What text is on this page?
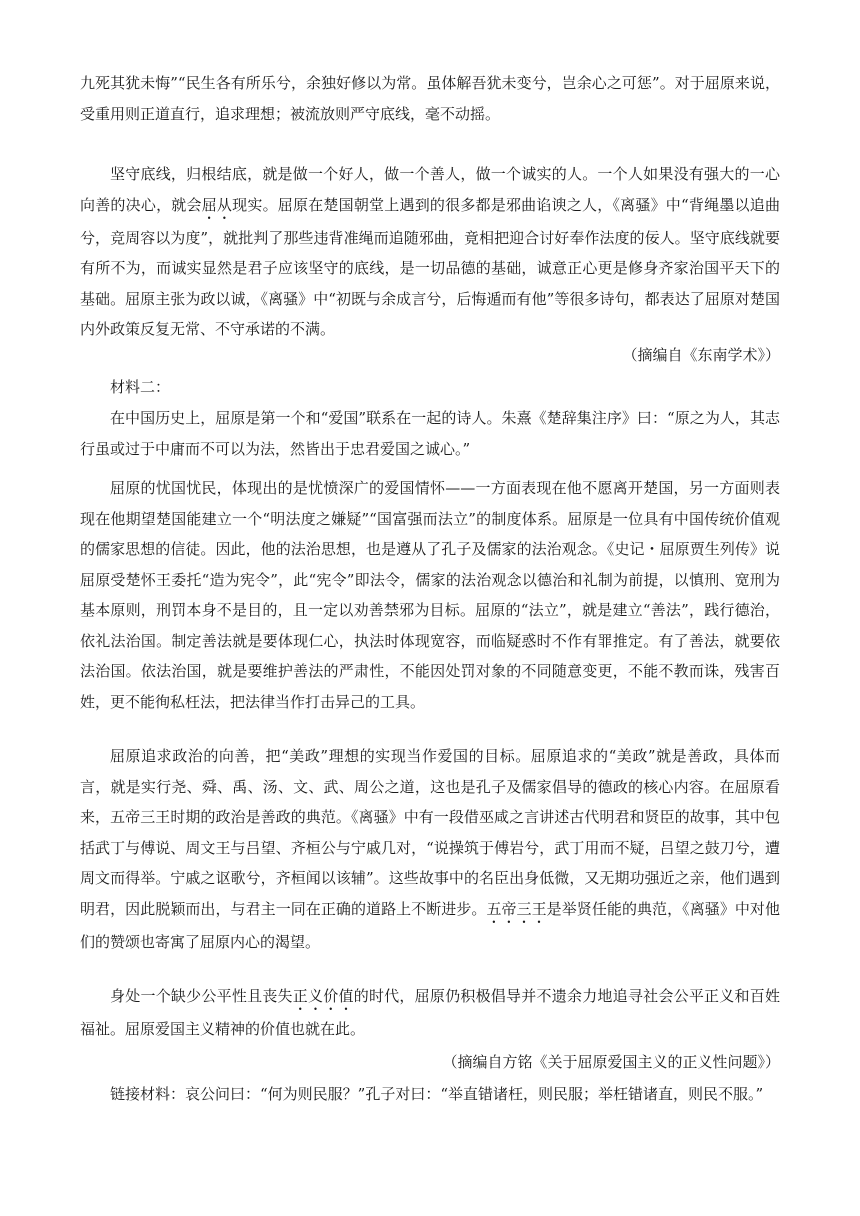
九死其犹未悔”“民生各有所乐兮，余独好修以为常。虽体解吾犹未变兮，岂余心之可惩”。对于屈原来说，受重用则正道直行，追求理想；被流放则严守底线，毫不动摇。

坚守底线，归根结底，就是做一个好人，做一个善人，做一个诚实的人。一个人如果没有强大的一心向善的决心，就会屈从现实。屈原在楚国朝堂上遇到的很多都是邪曲谄谀之人，《离骚》中“背绳墨以追曲兮，竞周容以为度”，就批判了那些违背准绳而追随邪曲，竟相把迎合讨好奉作法度的佞人。坚守底线就要有所不为，而诚实显然是君子应该坚守的底线，是一切品德的基础，诚意正心更是修身齐家治国平天下的基础。屈原主张为政以诚，《离骚》中“初既与余成言兮，后悔遁而有他”等很多诗句，都表达了屈原对楚国内外政策反复无常、不守承诺的不满。

（摘编自《东南学术》）

材料二：

在中国历史上，屈原是第一个和“爱国”联系在一起的诗人。朱熹《楚辞集注序》曰：“原之为人，其志行虽或过于中庸而不可以为法，然皆出于忠君爱国之诚心。”

屈原的忧国忧民，体现出的是忧愤深广的爱国情怀——一方面表现在他不愿离开楚国，另一方面则表现在他期望楚国能建立一个“明法度之嫌疑”“国富强而法立”的制度体系。屈原是一位具有中国传统价值观的儒家思想的信徒。因此，他的法治思想，也是遵从了孔子及儒家的法治观念。《史记・屈原贾生列传》说屈原受楚怀王委托“造为宪令”，此“宪令”即法令，儒家的法治观念以德治和礼制为前提，以慎刑、宽刑为基本原则，刑罚本身不是目的，且一定以劝善禁邪为目标。屈原的“法立”，就是建立“善法”，践行德治，依礼法治国。制定善法就是要体现仁心，执法时体现宽容，而临疑惑时不作有罪推定。有了善法，就要依法治国。依法治国，就是要维护善法的严肃性，不能因处罚对象的不同随意变更，不能不教而诛，残害百姓，更不能徇私枉法，把法律当作打击异己的工具。

屈原追求政治的向善，把“美政”理想的实现当作爱国的目标。屈原追求的“美政”就是善政，具体而言，就是实行尧、舜、禹、汤、文、武、周公之道，这也是孔子及儒家倡导的德政的核心内容。在屈原看来，五帝三王时期的政治是善政的典范。《离骚》中有一段借巫咸之言讲述古代明君和贤臣的故事，其中包括武丁与傅说、周文王与吕望、齐桓公与宁戚几对，“说操筑于傅岩兮，武丁用而不疑，吕望之鼓刀兮，遭周文而得举。宁戚之讴歌兮，齐桓闻以该辅”。这些故事中的名臣出身低微，又无期功强近之亲，他们遇到明君，因此脱颖而出，与君主一同在正确的道路上不断进步。五帝三王是举贤任能的典范，《离骚》中对他们的赞颂也寄寓了屈原内心的渴望。

身处一个缺少公平性且丧失正义价值的时代，屈原仍积极倡导并不遗余力地追寻社会公平正义和百姓福祉。屈原爱国主义精神的价值也就在此。

（摘编自方铭《关于屈原爱国主义的正义性问题》）

链接材料：哀公问曰：“何为则民服？”孔子对曰：“举直错诸枉，则民服；举枉错诸直，则民不服。”
